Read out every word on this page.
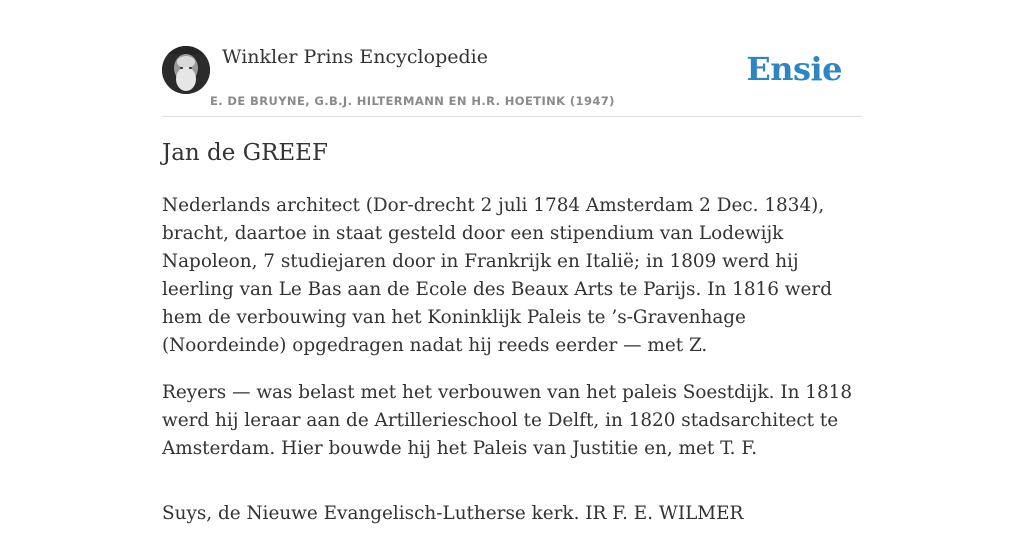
Winkler Prins Encyclopedie
E. DE BRUYNE, G.B.J. HILTERMANN EN H.R. HOETINK (1947)
Ensie
Jan de GREEF

Nederlands architect (Dor-drecht 2 juli 1784 Amsterdam 2 Dec. 1834), bracht, daartoe in staat gesteld door een stipendium van Lodewijk Napoleon, 7 studiejaren door in Frankrijk en Italië; in 1809 werd hij leerling van Le Bas aan de Ecole des Beaux Arts te Parijs. In 1816 werd hem de verbouwing van het Koninklijk Paleis te ’s-Gravenhage (Noordeinde) opgedragen nadat hij reeds eerder — met Z.

Reyers — was belast met het verbouwen van het paleis Soestdijk. In 1818 werd hij leraar aan de Artillerieschool te Delft, in 1820 stadsarchitect te Amsterdam. Hier bouwde hij het Paleis van Justitie en, met T. F.

Suys, de Nieuwe Evangelisch-Lutherse kerk. IR F. E. WILMER
